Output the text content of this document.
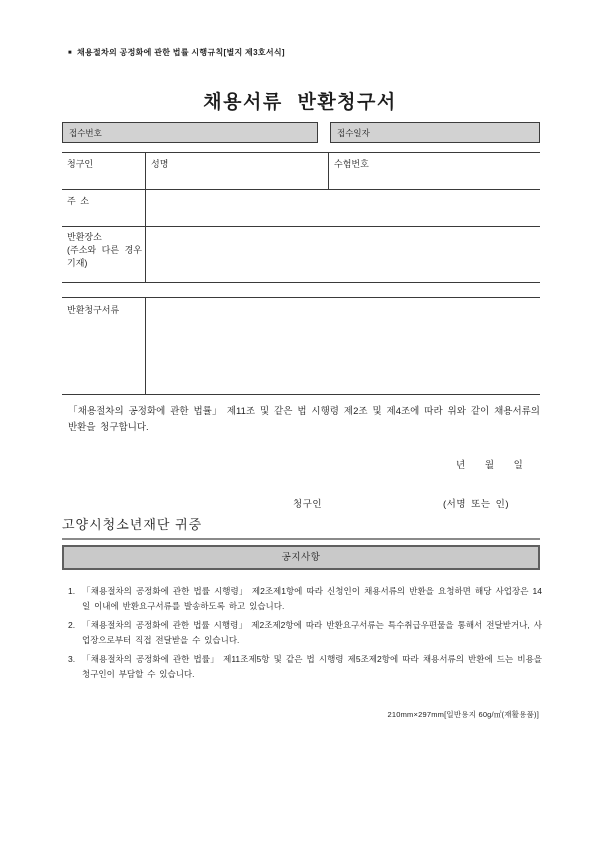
■ 채용절차의 공정화에 관한 법률 시행규칙[별지 제3호서식]
채용서류 반환청구서
접수번호	접수일자
청구인	성명	수험번호
주 소
반환장소
(주소와 다른 경우 기재)
반환청구서류

「채용절차의 공정화에 관한 법률」 제11조 및 같은 법 시행령 제2조 및 제4조에 따라 위와 같이 채용서류의 반환을 청구합니다.

년 월 일
청구인	(서명 또는 인)
고양시청소년재단 귀중
공지사항
1. 「채용절차의 공정화에 관한 법률 시행령」 제2조제1항에 따라 신청인이 채용서류의 반환을 요청하면 해당 사업장은 14일 이내에 반환요구서류를 발송하도록 하고 있습니다.
2. 「채용절차의 공정화에 관한 법률 시행령」 제2조제2항에 따라 반환요구서류는 특수취급우편물을 통해서 전달받거나, 사업장으로부터 직접 전달받을 수 있습니다.
3. 「채용절차의 공정화에 관한 법률」 제11조제5항 및 같은 법 시행령 제5조제2항에 따라 채용서류의 반환에 드는 비용을 청구인이 부담할 수 있습니다.
210mm×297mm[일반용지 60g/㎡(재활용품)]
